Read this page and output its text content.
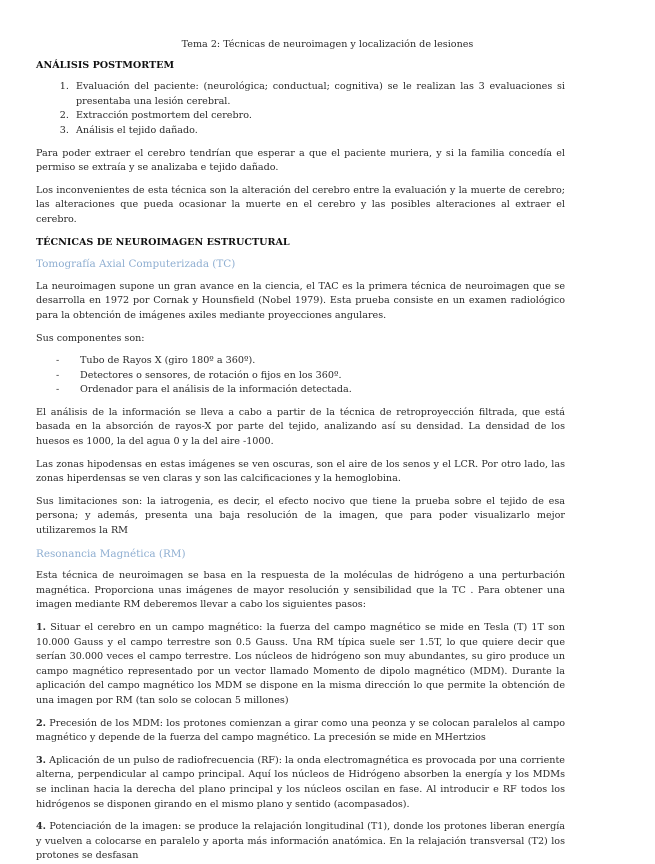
Tema 2: Técnicas de neuroimagen y localización de lesiones
ANÁLISIS POSTMORTEM
1. Evaluación del paciente: (neurológica; conductual; cognitiva) se le realizan las 3 evaluaciones si presentaba una lesión cerebral.
2. Extracción postmortem del cerebro.
3. Análisis el tejido dañado.

Para poder extraer el cerebro tendrían que esperar a que el paciente muriera, y si la familia concedía el permiso se extraía y se analizaba e tejido dañado.

Los inconvenientes de esta técnica son la alteración del cerebro entre la evaluación y la muerte de cerebro; las alteraciones que pueda ocasionar la muerte en el cerebro y las posibles alteraciones al extraer el cerebro.

TÉCNICAS DE NEUROIMAGEN ESTRUCTURAL
Tomografía Axial Computerizada (TC)

La neuroimagen supone un gran avance en la ciencia, el TAC es la primera técnica de neuroimagen que se desarrolla en 1972 por Cornak y Hounsfield (Nobel 1979). Esta prueba consiste en un examen radiológico para la obtención de imágenes axiles mediante proyecciones angulares.

Sus componentes son:

- Tubo de Rayos X (giro 180º a 360º).
- Detectores o sensores, de rotación o fijos en los 360º.
- Ordenador para el análisis de la información detectada.

El análisis de la información se lleva a cabo a partir de la técnica de retroproyección filtrada, que está basada en la absorción de rayos-X por parte del tejido, analizando así su densidad. La densidad de los huesos es 1000, la del agua 0 y la del aire -1000.

Las zonas hipodensas en estas imágenes se ven oscuras, son el aire de los senos y el LCR. Por otro lado, las zonas hiperdensas se ven claras y son las calcificaciones y la hemoglobina.

Sus limitaciones son: la iatrogenia, es decir, el efecto nocivo que tiene la prueba sobre el tejido de esa persona; y además, presenta una baja resolución de la imagen, que para poder visualizarlo mejor utilizaremos la RM

Resonancia Magnética (RM)

Esta técnica de neuroimagen se basa en la respuesta de la moléculas de hidrógeno a una perturbación magnética. Proporciona unas imágenes de mayor resolución y sensibilidad que la TC . Para obtener una imagen mediante RM deberemos llevar a cabo los siguientes pasos:

1. Situar el cerebro en un campo magnético: la fuerza del campo magnético se mide en Tesla (T) 1T son 10.000 Gauss y el campo terrestre son 0.5 Gauss. Una RM típica suele ser 1.5T, lo que quiere decir que serían 30.000 veces el campo terrestre. Los núcleos de hidrógeno son muy abundantes, su giro produce un campo magnético representado por un vector llamado Momento de dipolo magnético (MDM). Durante la aplicación del campo magnético los MDM se dispone en la misma dirección lo que permite la obtención de una imagen por RM (tan solo se colocan 5 millones)

2. Precesión de los MDM: los protones comienzan a girar como una peonza y se colocan paralelos al campo magnético y depende de la fuerza del campo magnético. La precesión se mide en MHertzios

3. Aplicación de un pulso de radiofrecuencia (RF): la onda electromagnética es provocada por una corriente alterna, perpendicular al campo principal. Aquí los núcleos de Hidrógeno absorben la energía y los MDMs se inclinan hacia la derecha del plano principal y los núcleos oscilan en fase. Al introducir e RF todos los hidrógenos se disponen girando en el mismo plano y sentido (acompasados).

4. Potenciación de la imagen: se produce la relajación longitudinal (T1), donde los protones liberan energía y vuelven a colocarse en paralelo y aporta más información anatómica. En la relajación transversal (T2) los protones se desfasan
